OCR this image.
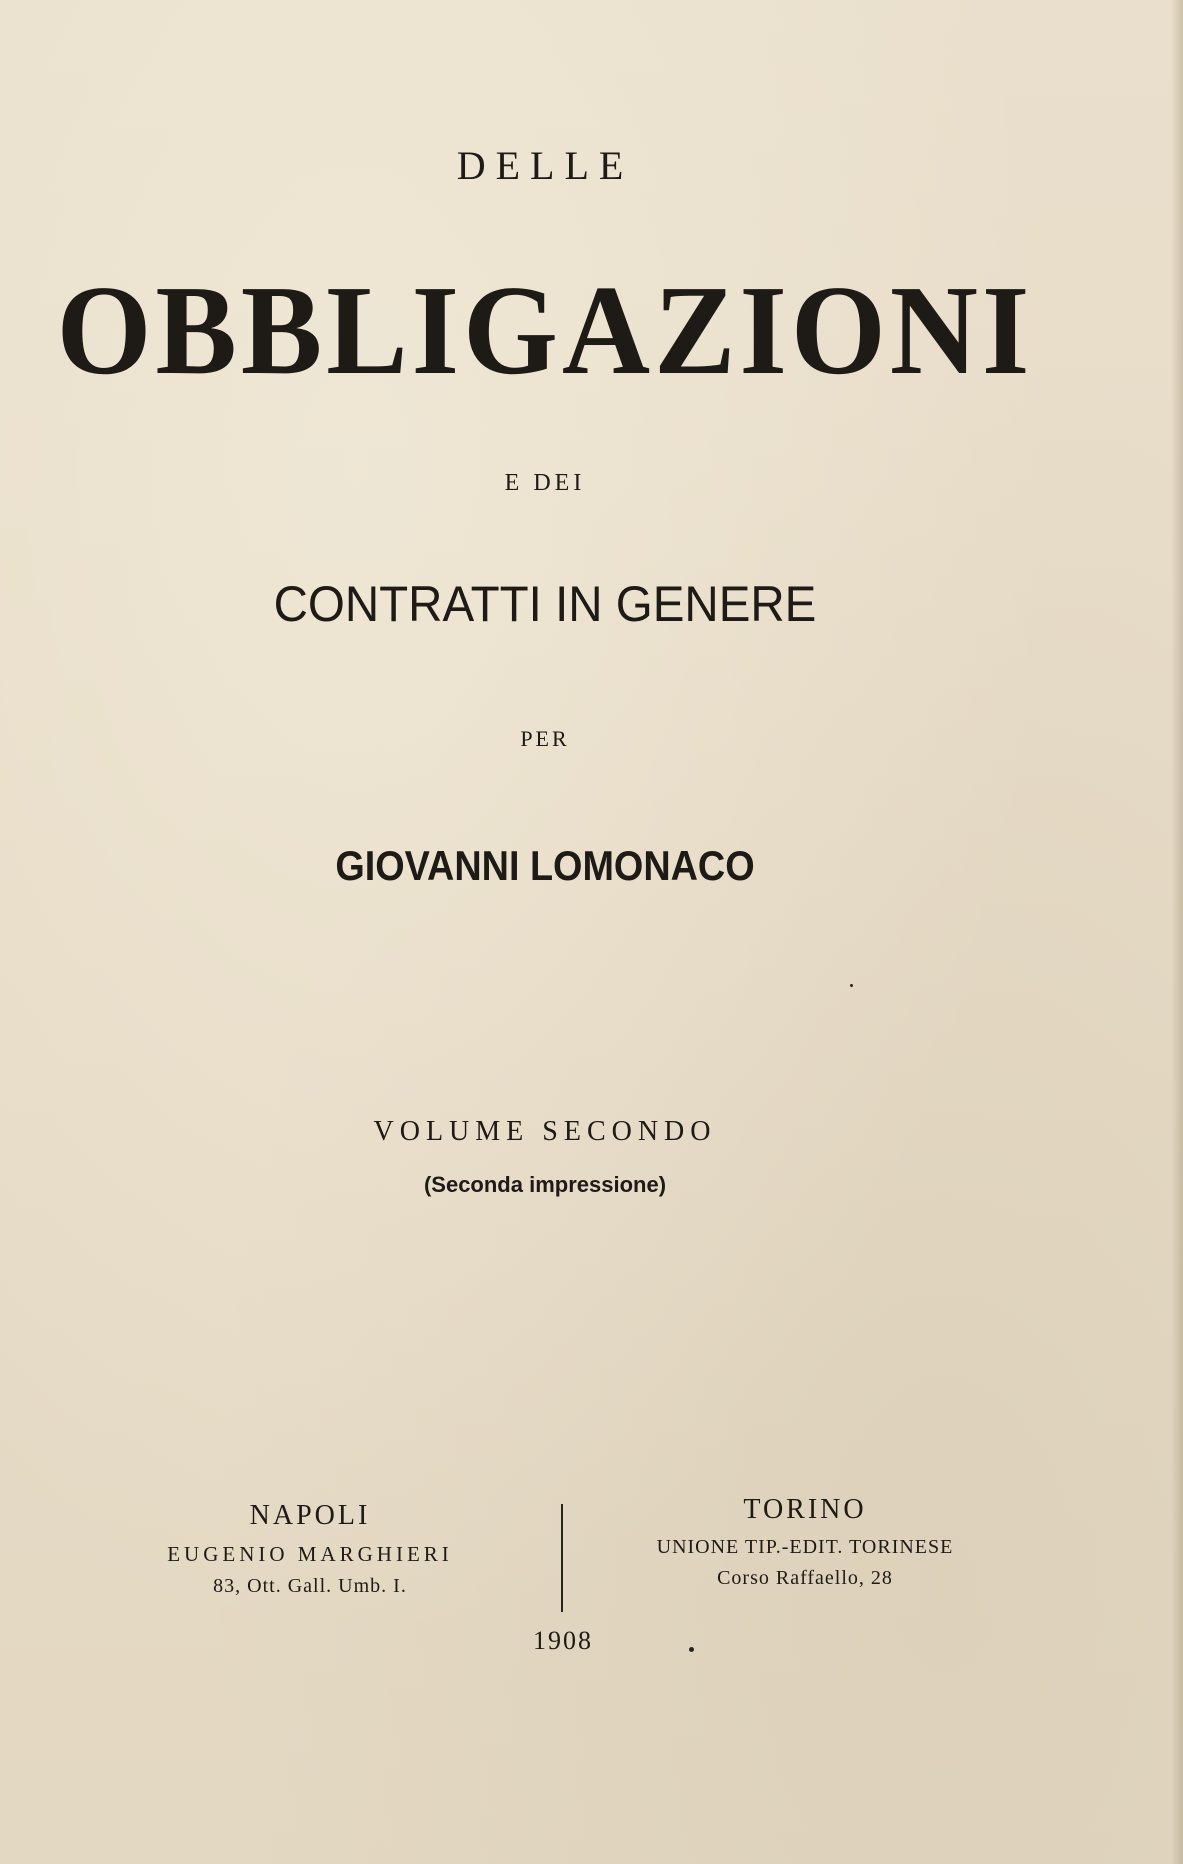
DELLE
OBBLIGAZIONI
E DEI
CONTRATTI IN GENERE
PER
GIOVANNI LOMONACO
VOLUME SECONDO
(Seconda impressione)
NAPOLI
EUGENIO MARGHIERI
83, Ott. Gall. Umb. I.
TORINO
UNIONE TIP.-EDIT. TORINESE
Corso Raffaello, 28
1908
